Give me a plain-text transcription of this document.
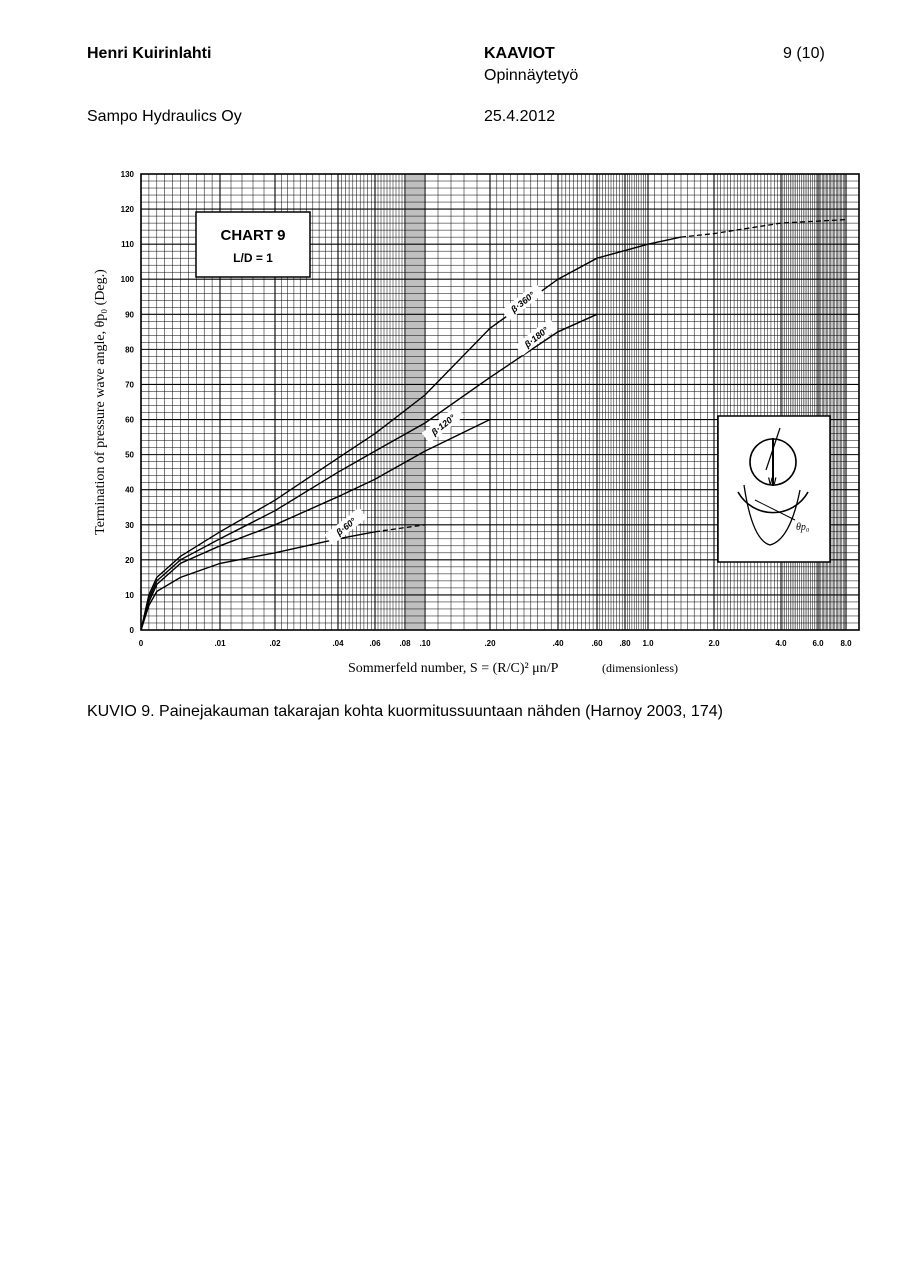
Henri Kuirinlahti	KAAVIOT
Opinnäytetyö
9 (10)
Sampo Hydraulics Oy	25.4.2012
0
10
20
30
40
50
60
70
80
90
100
110
120
130
0	.01	.02	.04	.06 .08 .10	.20	.40	.60 .80 1.0	2.0	4.0	6.0 8.0
β·360°
β·180°
β·120°
β·60°
CHART 9
L/D = 1
W
θp₀
Termination of pressure wave angle, θp₀ (Deg.)
Sommerfeld number, S = (R/C)² μn/P	(dimensionless)
KUVIO 9. Painejakauman takarajan kohta kuormitussuuntaan nähden (Harnoy 2003, 174)
